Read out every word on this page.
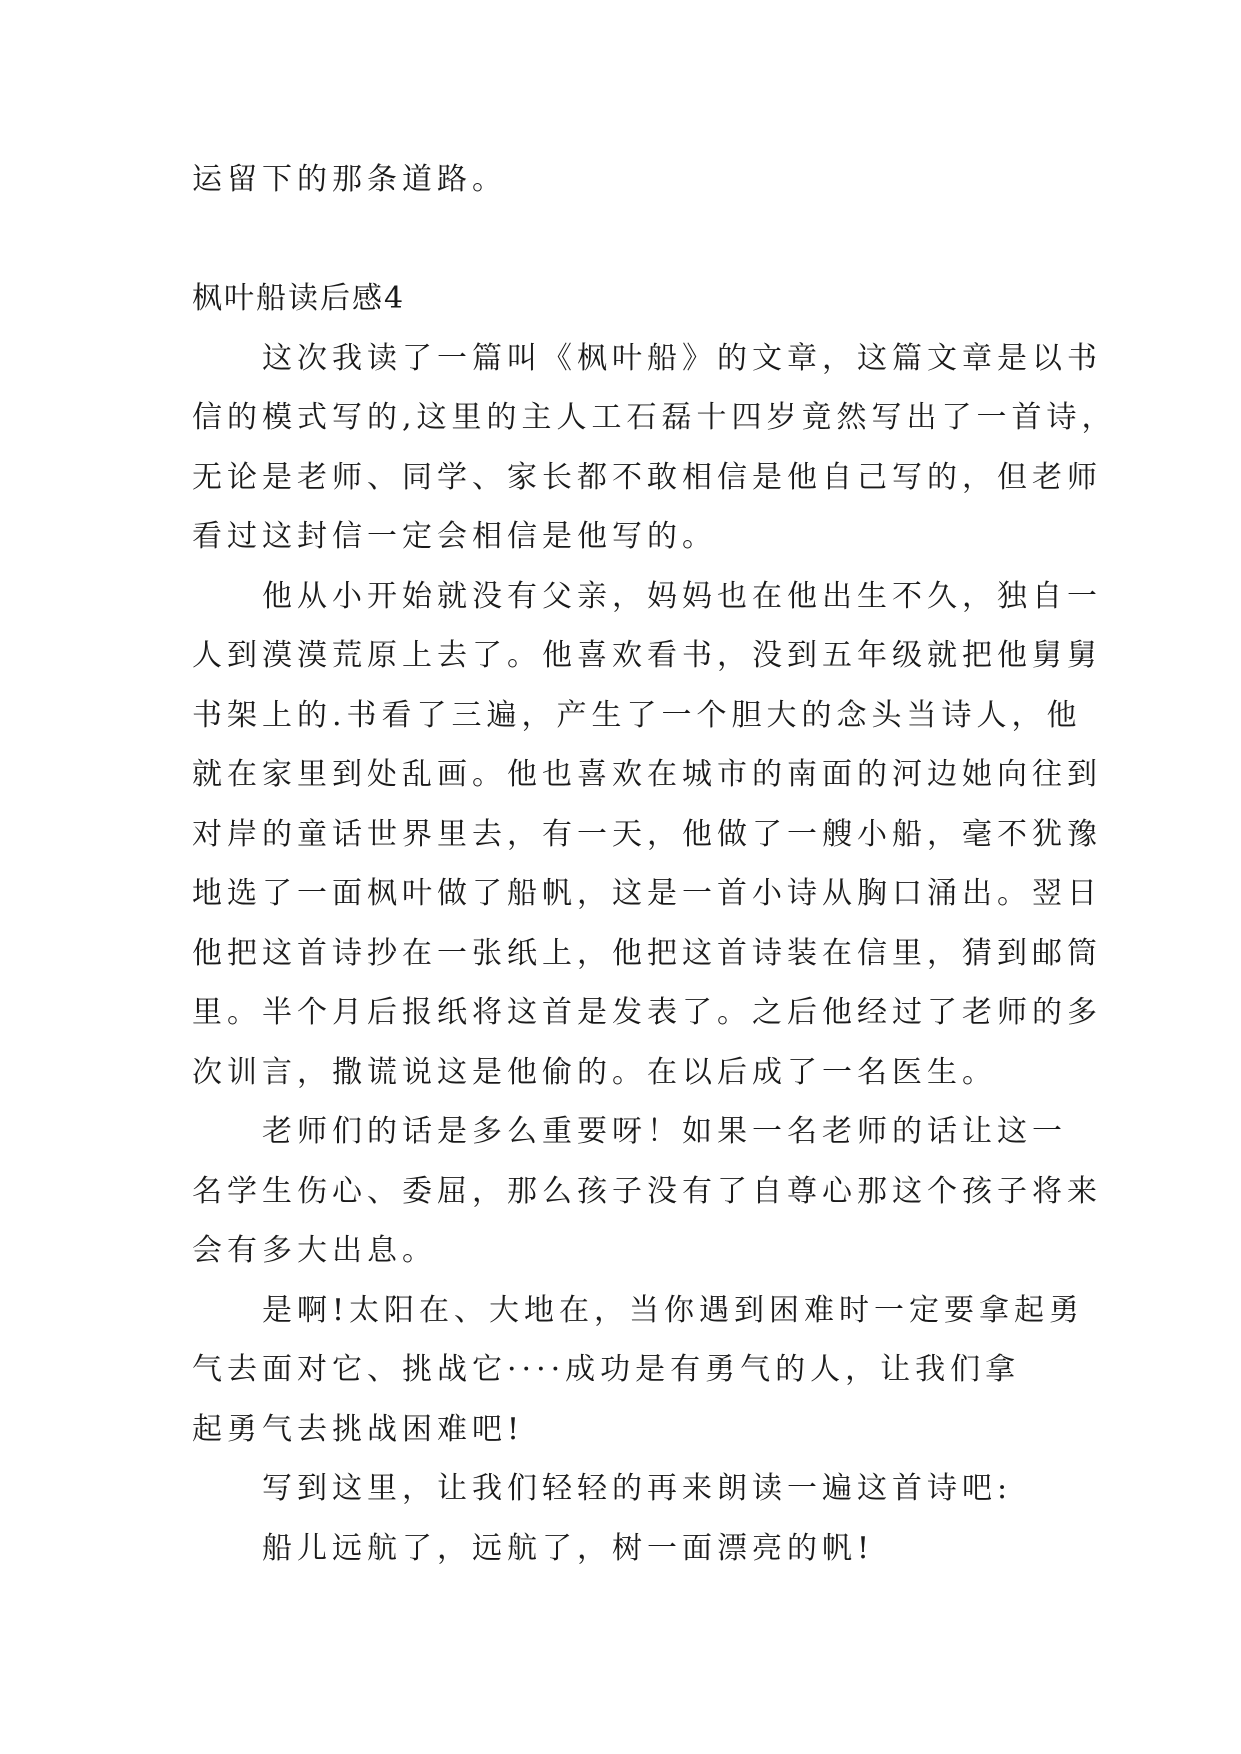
运留下的那条道路。
枫叶船读后感4
　　这次我读了一篇叫《枫叶船》的文章，这篇文章是以书
信的模式写的,这里的主人工石磊十四岁竟然写出了一首诗，
无论是老师、同学、家长都不敢相信是他自己写的，但老师
看过这封信一定会相信是他写的。
　　他从小开始就没有父亲，妈妈也在他出生不久，独自一
人到漠漠荒原上去了。他喜欢看书，没到五年级就把他舅舅
书架上的.书看了三遍，产生了一个胆大的念头当诗人，他
就在家里到处乱画。他也喜欢在城市的南面的河边她向往到
对岸的童话世界里去，有一天，他做了一艘小船，毫不犹豫
地选了一面枫叶做了船帆，这是一首小诗从胸口涌出。翌日
他把这首诗抄在一张纸上，他把这首诗装在信里，猜到邮筒
里。半个月后报纸将这首是发表了。之后他经过了老师的多
次训言，撒谎说这是他偷的。在以后成了一名医生。
　　老师们的话是多么重要呀！如果一名老师的话让这一
名学生伤心、委屈，那么孩子没有了自尊心那这个孩子将来
会有多大出息。
　　是啊!太阳在、大地在，当你遇到困难时一定要拿起勇
气去面对它、挑战它····成功是有勇气的人，让我们拿
起勇气去挑战困难吧!
　　写到这里，让我们轻轻的再来朗读一遍这首诗吧:
　　船儿远航了，远航了，树一面漂亮的帆!
